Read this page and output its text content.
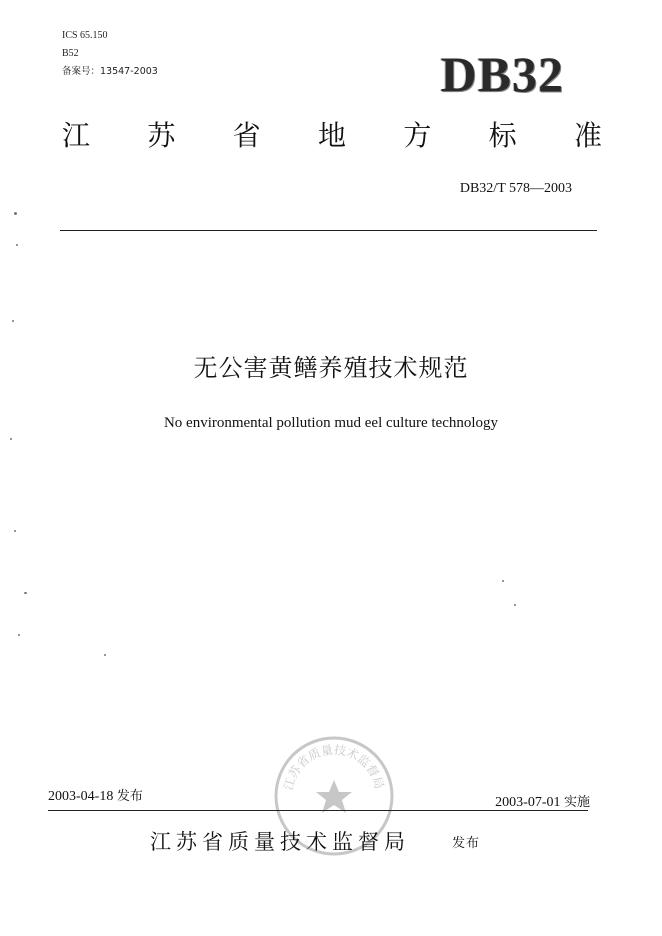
ICS 65.150

B52

备案号：13547-2003	DB32
江 苏 省 地 方 标 准
DB32/T 578—2003
无公害黄鳝养殖技术规范

No environmental pollution mud eel culture technology

江苏省质量技术监督局
2003-04-18 发布	2003-07-01 实施
江苏省质量技术监督局	发布
